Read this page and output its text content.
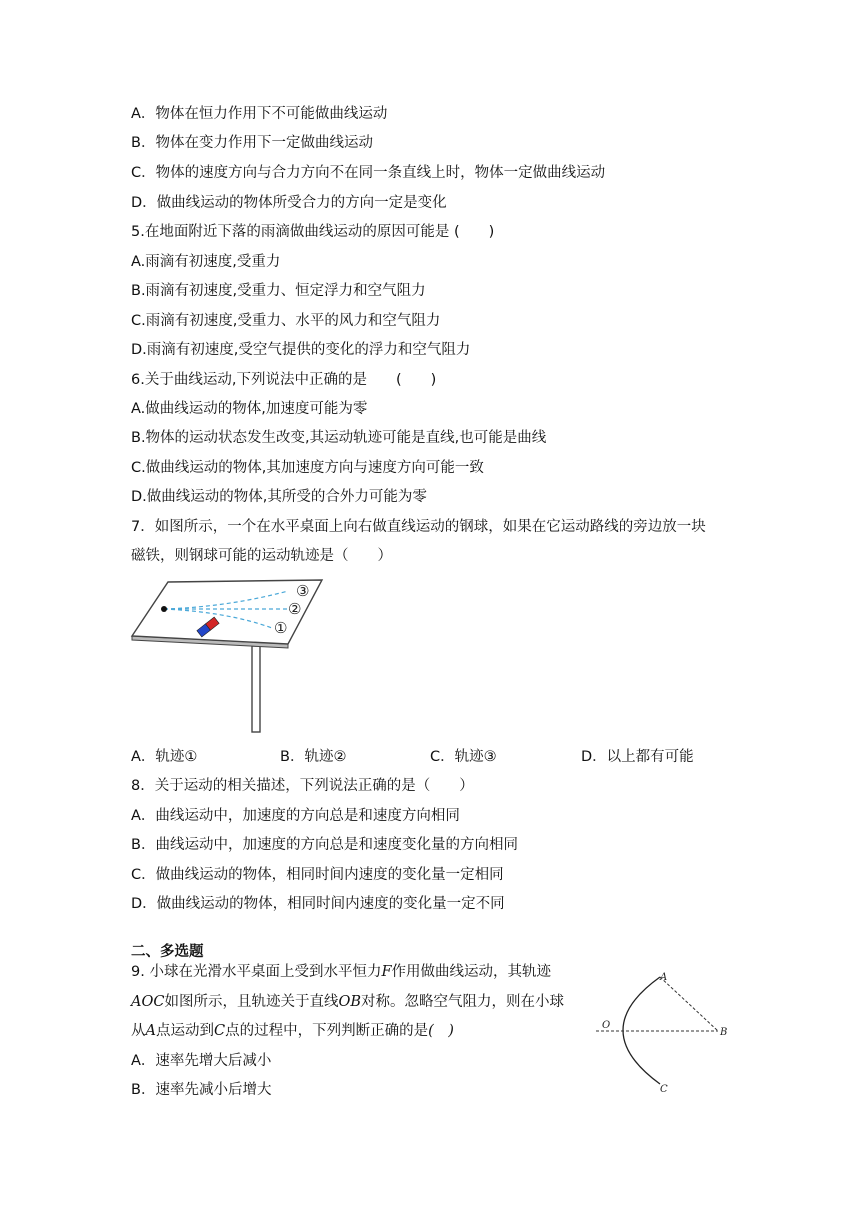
A．物体在恒力作用下不可能做曲线运动
B．物体在变力作用下一定做曲线运动
C．物体的速度方向与合力方向不在同一条直线上时，物体一定做曲线运动
D．做曲线运动的物体所受合力的方向一定是变化
5.在地面附近下落的雨滴做曲线运动的原因可能是 (　　)
A.雨滴有初速度,受重力
B.雨滴有初速度,受重力、恒定浮力和空气阻力
C.雨滴有初速度,受重力、水平的风力和空气阻力
D.雨滴有初速度,受空气提供的变化的浮力和空气阻力
6.关于曲线运动,下列说法中正确的是　　(　　)
A.做曲线运动的物体,加速度可能为零
B.物体的运动状态发生改变,其运动轨迹可能是直线,也可能是曲线
C.做曲线运动的物体,其加速度方向与速度方向可能一致
D.做曲线运动的物体,其所受的合外力可能为零
7．如图所示，一个在水平桌面上向右做直线运动的钢球，如果在它运动路线的旁边放一块
磁铁，则钢球可能的运动轨迹是（　　）
③
②
①
A．轨迹①	B．轨迹②	C．轨迹③	D．以上都有可能
8．关于运动的相关描述，下列说法正确的是（　　）
A．曲线运动中，加速度的方向总是和速度方向相同
B．曲线运动中，加速度的方向总是和速度变化量的方向相同
C．做曲线运动的物体，相同时间内速度的变化量一定相同
D．做曲线运动的物体，相同时间内速度的变化量一定不同
二、多选题
9. 小球在光滑水平桌面上受到水平恒力F作用做曲线运动，其轨迹
AOC如图所示，且轨迹关于直线OB对称。忽略空气阻力，则在小球
从A点运动到C点的过程中，下列判断正确的是(　)
A．速率先增大后减小
B．速率先减小后增大
A
O
B
C
